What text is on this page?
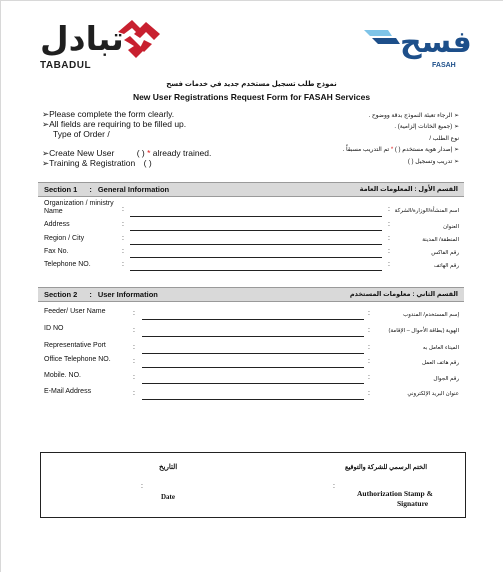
تبادل
TABADUL
فسح
FASAH
نموذج طلب تسجيل مستخدم جديد في خدمات فسح
New User Registrations Request Form for FASAH Services
➢Please complete the form clearly.
➢All fields are requiring to be filled up.
Type of Order /
➢Create New User	( ) * already trained.
➢Training & Registration ( )
➢ الرجاء تعبئة النموذج بدقة ووضوح .
➢ (جميع الخانات إلزامية) .
نوع الطلب /
➢ إصدار هوية مستخدم ( ) * تم التدريب مسبقاً .
➢ تدريب وتسجيل ( )
Section 1 : General Information	القسم الأول : المعلومات العامة
Organization / ministry Name	:	: اسم المنشأة/الوزارة/الشركة
Address	:	:	العنوان
Region / City	:	:	المنطقة/ المدينة
Fax No.	:	:	رقم الفاكس
Telephone NO.	:	:	رقم الهاتف
Section 2 : User Information	القسم الثاني : معلومات المستخدم
Feeder/ User Name	:	:	إسم المستخدم/ المندوب
ID NO	:	:	الهوية (بطاقة الأحوال – الإقامة)
Representative Port	:	:	الميناء العامل به
Office Telephone NO.	:	:	رقم هاتف العمل
Mobile. NO.	:	:	رقم الجوال
E-Mail Address	:	:	عنوان البريد الإلكتروني
التاريخ
:
Date
الختم الرسمي للشركة والتوقيع
:
Authorization Stamp &
Signature
